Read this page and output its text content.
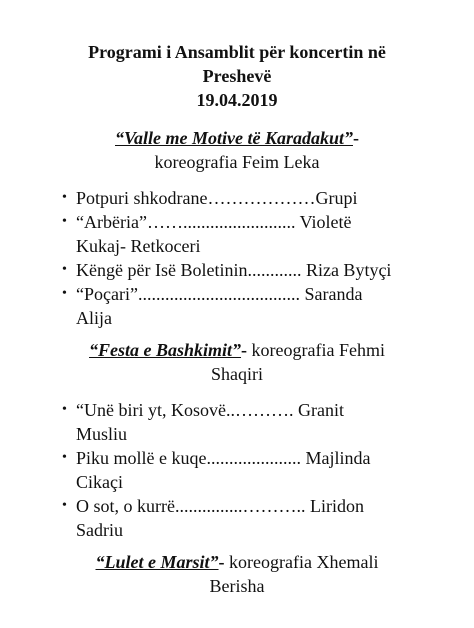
Programi i Ansamblit për koncertin në
Preshevë
19.04.2019
“Valle me Motive të Karadakut”-
koreografia Feim Leka
• Potpuri shkodrane………………Grupi
• “Arbëria”……......................... Violetë
Kukaj- Retkoceri
• Këngë për Isë Boletinin............ Riza Bytyçi
• “Poçari”.................................... Saranda
Alija
“Festa e Bashkimit”- koreografia Fehmi
Shaqiri
• “Unë biri yt, Kosovë..………. Granit
Musliu
• Piku mollë e kuqe..................... Majlinda
Cikaçi
• O sot, o kurrë...............……….. Liridon
Sadriu
“Lulet e Marsit”- koreografia Xhemali
Berisha
